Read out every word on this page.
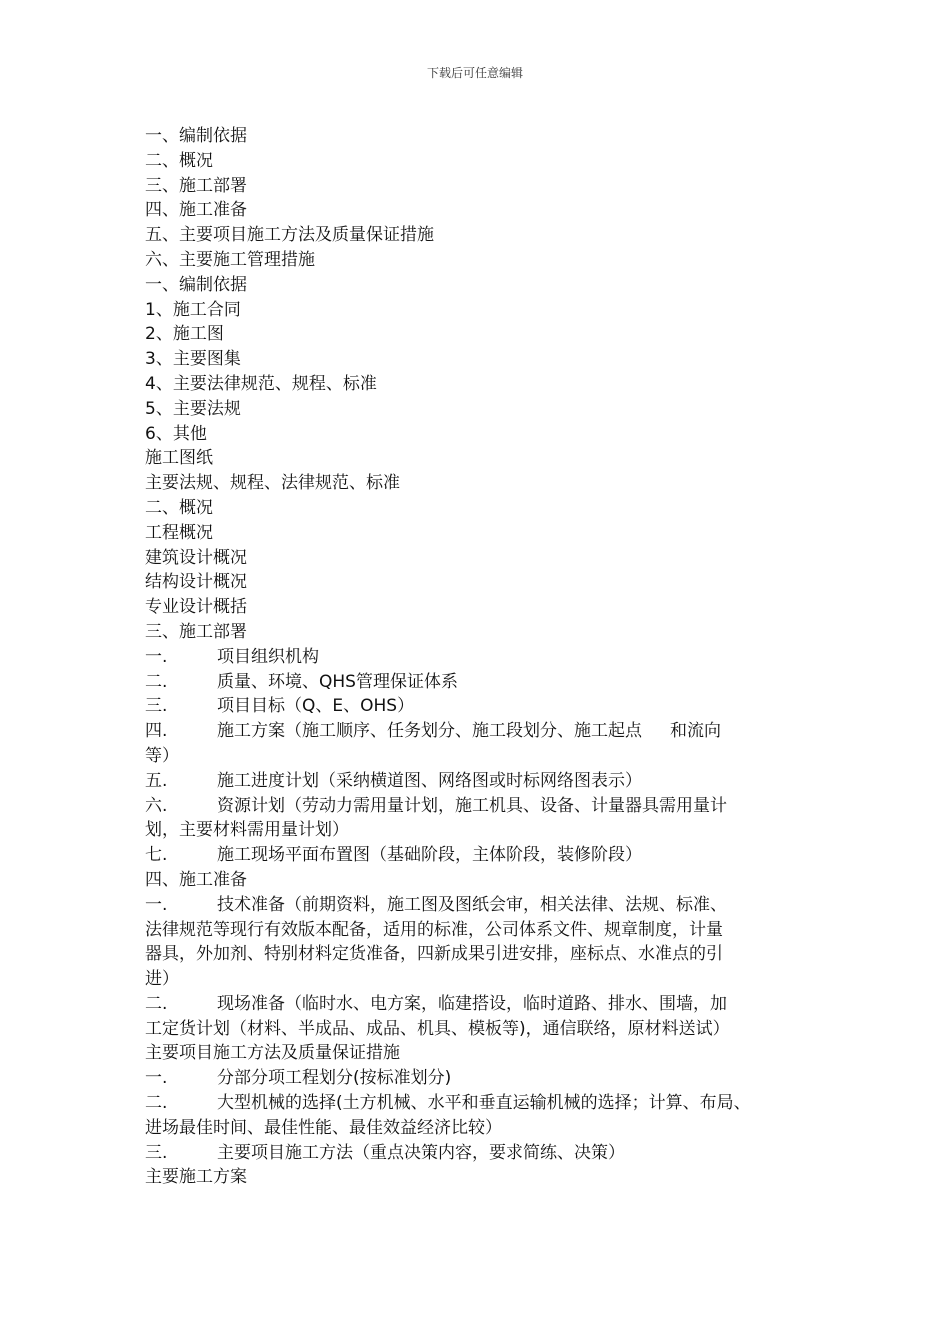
下载后可任意编辑
一、编制依据
二、概况
三、施工部署
四、施工准备
五、主要项目施工方法及质量保证措施
六、主要施工管理措施
一、编制依据
1、施工合同
2、施工图
3、主要图集
4、主要法律规范、规程、标准
5、主要法规
6、其他
施工图纸
主要法规、规程、法律规范、标准
二、概况
工程概况
建筑设计概况
结构设计概况
专业设计概括
三、施工部署
一.	项目组织机构
二.	质量、环境、QHS管理保证体系
三.	项目目标（Q、E、OHS）
四.	施工方案（施工顺序、任务划分、施工段划分、施工起点 和流向
等）
五.	施工进度计划（采纳横道图、网络图或时标网络图表示）
六.	资源计划（劳动力需用量计划，施工机具、设备、计量器具需用量计
划，主要材料需用量计划）
七.	施工现场平面布置图（基础阶段，主体阶段，装修阶段）
四、施工准备
一.	技术准备（前期资料，施工图及图纸会审，相关法律、法规、标准、
法律规范等现行有效版本配备，适用的标准，公司体系文件、规章制度，计量
器具，外加剂、特别材料定货准备，四新成果引进安排，座标点、水准点的引
进）
二.	现场准备（临时水、电方案，临建搭设，临时道路、排水、围墙，加
工定货计划（材料、半成品、成品、机具、模板等)，通信联络，原材料送试）
主要项目施工方法及质量保证措施
一.	分部分项工程划分(按标准划分)
二.	大型机械的选择(土方机械、水平和垂直运输机械的选择；计算、布局、
进场最佳时间、最佳性能、最佳效益经济比较）
三.	主要项目施工方法（重点决策内容，要求简练、决策）
主要施工方案
